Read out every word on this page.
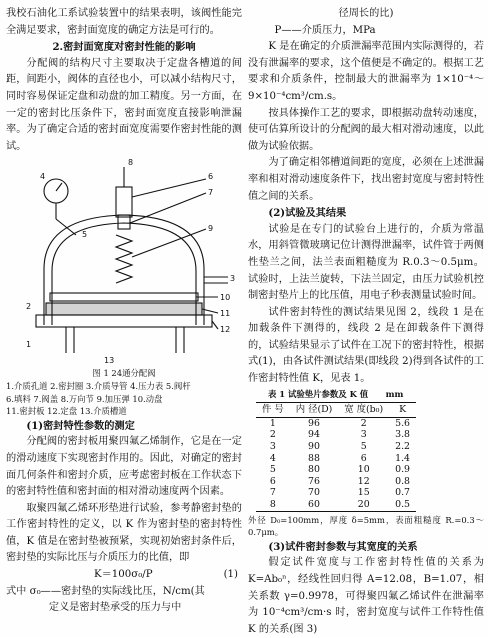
我校石油化工系试验装置中的结果表明，该阀性能完全满足要求，密封面宽度的确定方法是可行的。

2.密封面宽度对密封性能的影响

分配阀的结构尺寸主要取决于定盘各槽道的间距，间距小，阀体的直径也小，可以减小结构尺寸，同时容易保证定盘和动盘的加工精度。另一方面，在一定的密封比压条件下，密封面宽度直接影响泄漏率。为了确定合适的密封面宽度需要作密封性能的测试。

6
7
9
10
11
12
3
4
5
13
1
2
8

图 1 24通分配阀

1.介质孔道 2.密封圈 3.介质导管 4.压力表 5.阀杆

6.填料 7.阀盖 8.万向节 9.加压弹 10.动盘

11.密封板 12.定盘 13.介质槽道

(1)密封特性参数的测定

分配阀的密封板用聚四氟乙烯制作，它是在一定的滑动速度下实现密封作用的。因此，对确定的密封面几何条件和密封介质，应考虑密封板在工作状态下的密封特性值和密封面的相对滑动速度两个因素。

取聚四氟乙烯环形垫进行试验，参考静密封垫的工作密封特性的定义，以 K 作为密封垫的密封特性值，K 值是在密封垫被预紧，实现初始密封条件后，密封垫的实际比压与介质压力的比值，即

K＝100σ₀/P	(1)

式中 σ₀——密封垫的实际线比压，N/cm(其

定义是密封垫承受的压力与中

径周长的比)

P——介质压力，MPa

K 是在确定的介质泄漏率范围内实际测得的，若没有泄漏率的要求，这个值便是不确定的。根据工艺要求和介质条件，控制最大的泄漏率为 1×10⁻⁴～9×10⁻⁴cm³/cm.s。

按具体操作工艺的要求，即根据动盘转动速度，使可估算所设计的分配阀的最大相对滑动速度，以此做为试验依据。

为了确定相邻槽道间距的宽度，必须在上述泄漏率和相对滑动速度条件下，找出密封宽度与密封特性值之间的关系。

(2)试验及其结果

试验是在专门的试验台上进行的，介质为常温水，用斜管微玻璃记位计测得泄漏率，试件管于两侧性垫兰之间，法兰表面粗糙度为 R.0.3～0.5μm。试验时，上法兰旋转，下法兰固定，由压力试验机控制密封垫片上的比压值，用电子秒表测量试验时间。

试件密封特性的测试结果见图 2，线段 1 是在加载条件下测得的，线段 2 是在卸载条件下测得的，试验结果显示了试件在工况下的密封特性，根据式(1)，由各试件测试结果(即线段 2)得到各试件的工作密封特性值 K，见表 1。

表 1 试验垫片参数及 K 值 mm

件 号	内 径(D)	宽 度(b₀)	K
1	96	2	5.6
2	94	3	3.8
3	90	5	2.2
4	88	6	1.4
5	80	10	0.9
6	76	12	0.8
7	70	15	0.7
8	60	20	0.5

外径 D₀=100mm，厚度 δ=5mm，表面粗糙度 R.=0.3～0.7μm。

(3)试件密封参数与其宽度的关系

假定试件宽度与工作密封特性值的关系为 K=Ab₀ⁿ，经线性回归得 A=12.08，B=1.07，相关系数 γ=0.9978，可得聚四氟乙烯试件在泄漏率为 10⁻⁴cm³/cm·s 时，密封宽度与试件工作特性值 K 的关系(图 3)
